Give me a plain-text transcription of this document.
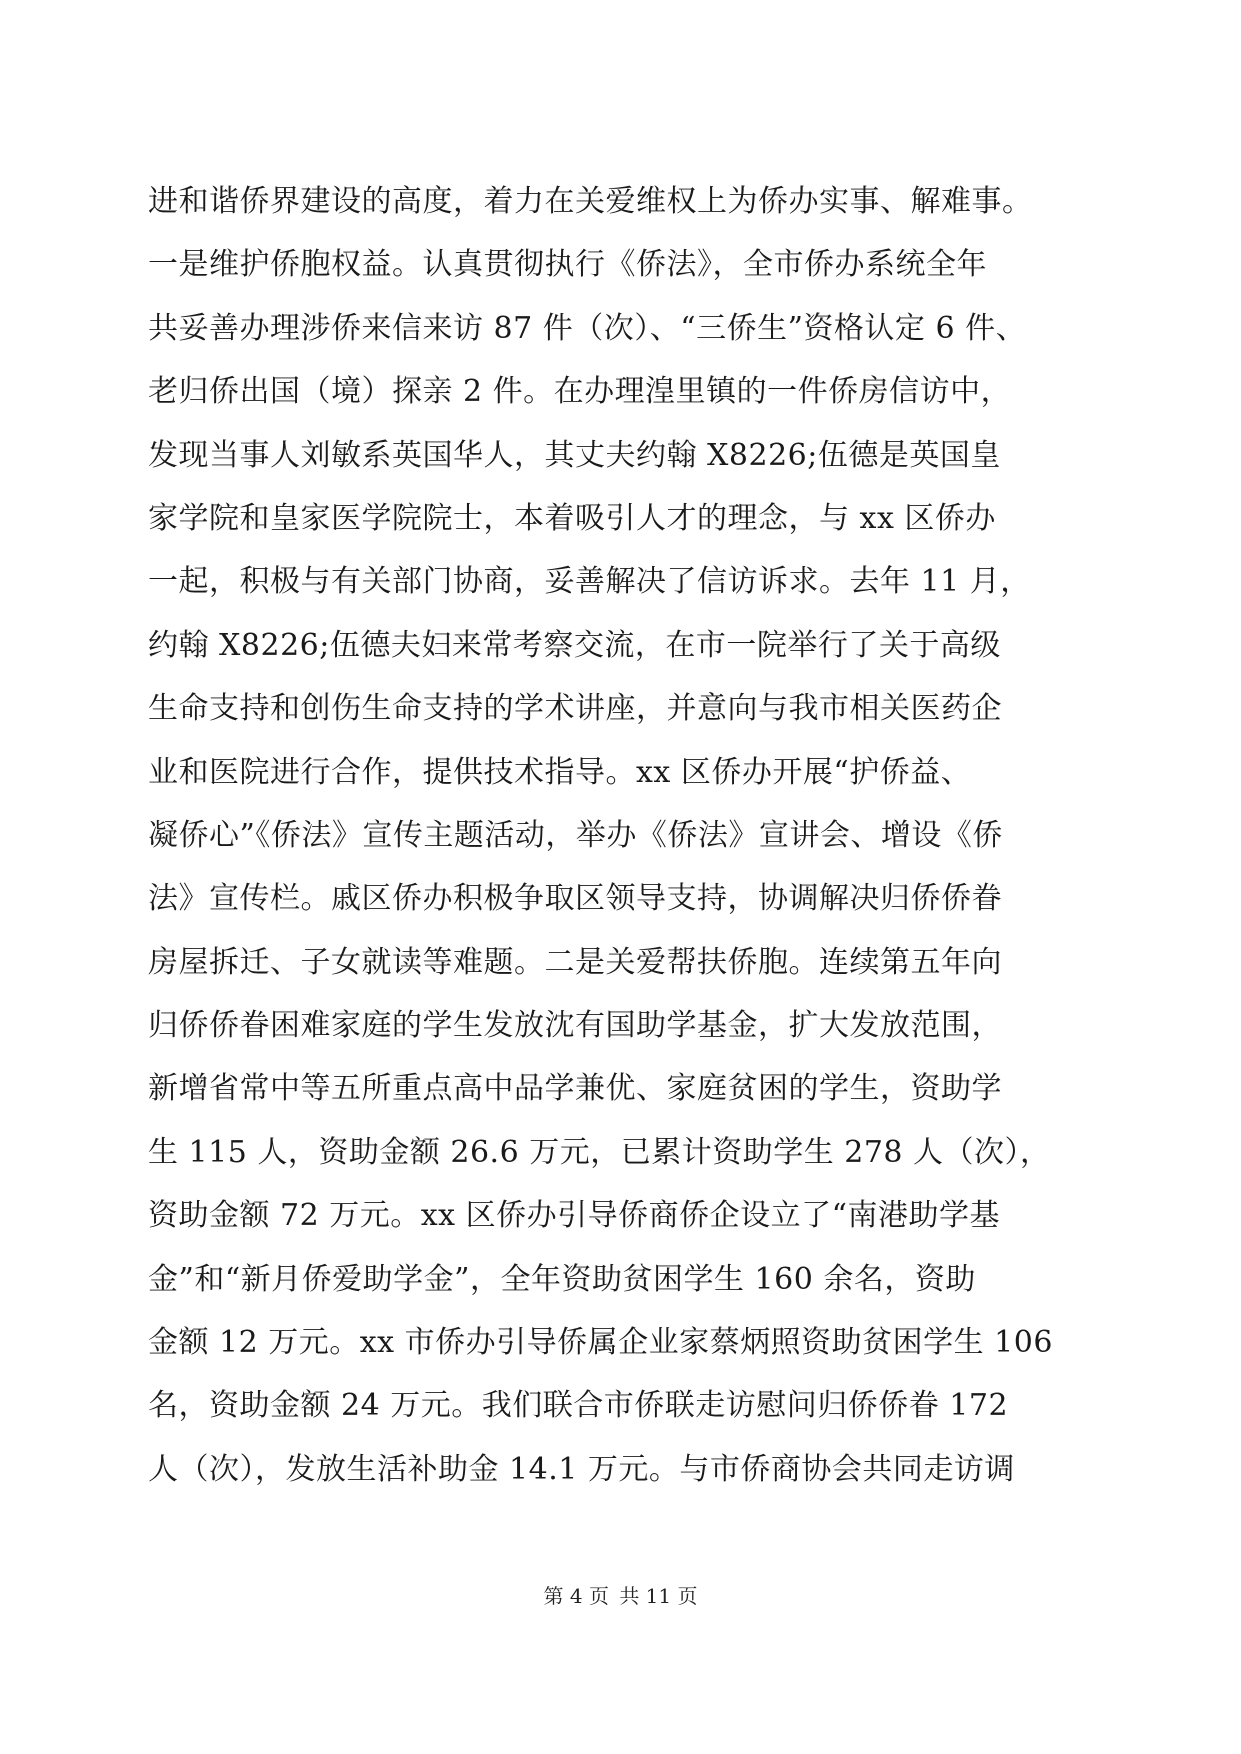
进和谐侨界建设的高度，着力在关爱维权上为侨办实事、解难事。
一是维护侨胞权益。认真贯彻执行《侨法》，全市侨办系统全年
共妥善办理涉侨来信来访 87 件（次）、“三侨生”资格认定 6 件、
老归侨出国（境）探亲 2 件。在办理湟里镇的一件侨房信访中，
发现当事人刘敏系英国华人，其丈夫约翰 X8226;伍德是英国皇
家学院和皇家医学院院士，本着吸引人才的理念，与 xx 区侨办
一起，积极与有关部门协商，妥善解决了信访诉求。去年 11 月，
约翰 X8226;伍德夫妇来常考察交流，在市一院举行了关于高级
生命支持和创伤生命支持的学术讲座，并意向与我市相关医药企
业和医院进行合作，提供技术指导。xx 区侨办开展“护侨益、
凝侨心”《侨法》宣传主题活动，举办《侨法》宣讲会、增设《侨
法》宣传栏。戚区侨办积极争取区领导支持，协调解决归侨侨眷
房屋拆迁、子女就读等难题。二是关爱帮扶侨胞。连续第五年向
归侨侨眷困难家庭的学生发放沈有国助学基金，扩大发放范围，
新增省常中等五所重点高中品学兼优、家庭贫困的学生，资助学
生 115 人，资助金额 26.6 万元，已累计资助学生 278 人（次），
资助金额 72 万元。xx 区侨办引导侨商侨企设立了“南港助学基
金”和“新月侨爱助学金”，全年资助贫困学生 160 余名，资助
金额 12 万元。xx 市侨办引导侨属企业家蔡炳照资助贫困学生 106
名，资助金额 24 万元。我们联合市侨联走访慰问归侨侨眷 172
人（次），发放生活补助金 14.1 万元。与市侨商协会共同走访调
第 4 页 共 11 页
